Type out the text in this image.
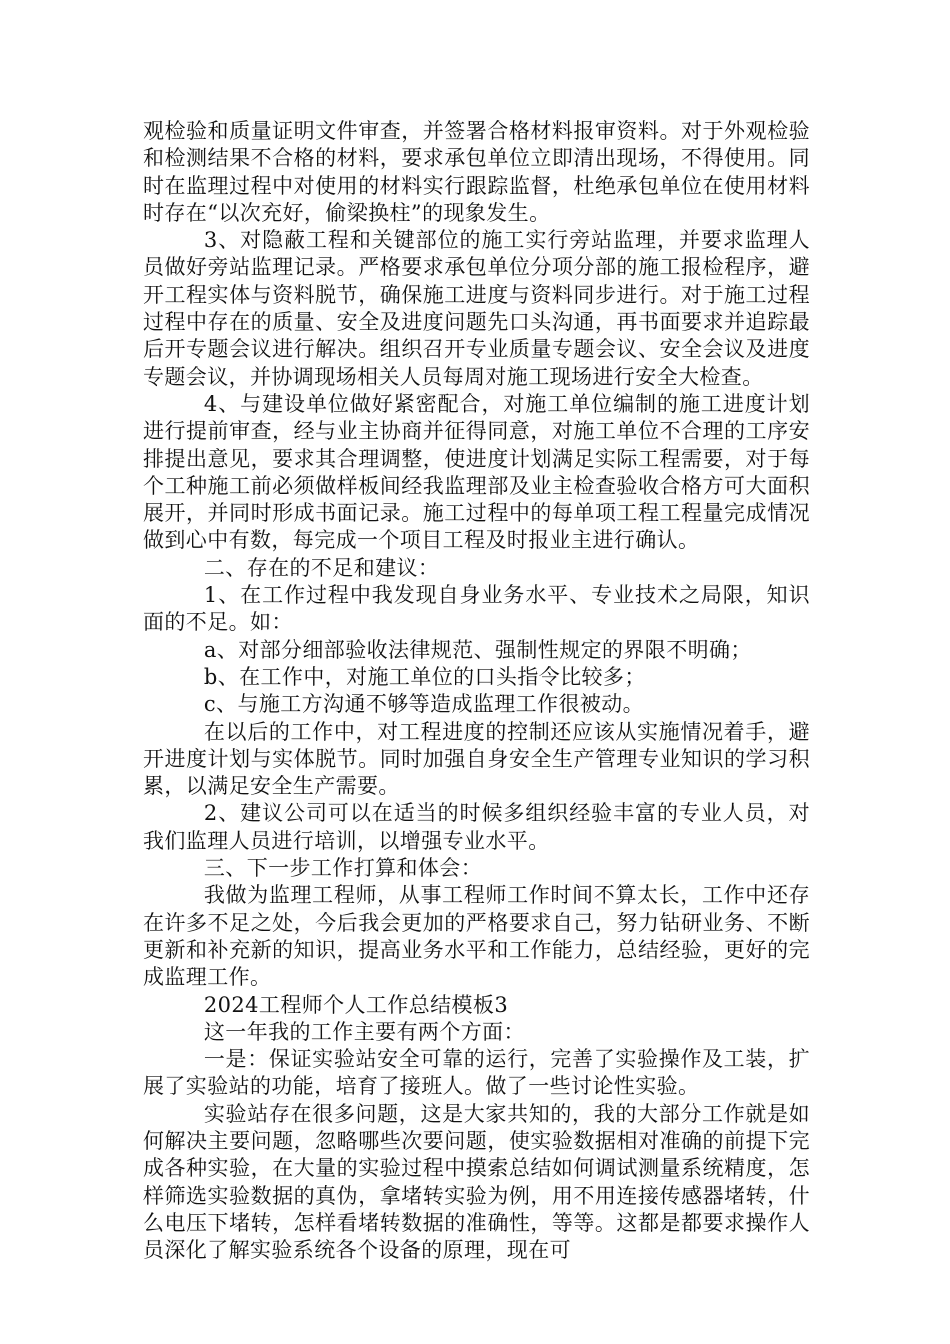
观检验和质量证明文件审查，并签署合格材料报审资料。对于外观检验和检测结果不合格的材料，要求承包单位立即清出现场，不得使用。同时在监理过程中对使用的材料实行跟踪监督，杜绝承包单位在使用材料时存在“以次充好，偷梁换柱”的现象发生。

3、对隐蔽工程和关键部位的施工实行旁站监理，并要求监理人员做好旁站监理记录。严格要求承包单位分项分部的施工报检程序，避开工程实体与资料脱节，确保施工进度与资料同步进行。对于施工过程过程中存在的质量、安全及进度问题先口头沟通，再书面要求并追踪最后开专题会议进行解决。组织召开专业质量专题会议、安全会议及进度专题会议，并协调现场相关人员每周对施工现场进行安全大检查。

4、与建设单位做好紧密配合，对施工单位编制的施工进度计划进行提前审查，经与业主协商并征得同意，对施工单位不合理的工序安排提出意见，要求其合理调整，使进度计划满足实际工程需要，对于每个工种施工前必须做样板间经我监理部及业主检查验收合格方可大面积展开，并同时形成书面记录。施工过程中的每单项工程工程量完成情况做到心中有数，每完成一个项目工程及时报业主进行确认。

二、存在的不足和建议：

1、在工作过程中我发现自身业务水平、专业技术之局限，知识面的不足。如：

a、对部分细部验收法律规范、强制性规定的界限不明确；

b、在工作中，对施工单位的口头指令比较多；

c、与施工方沟通不够等造成监理工作很被动。

在以后的工作中，对工程进度的控制还应该从实施情况着手，避开进度计划与实体脱节。同时加强自身安全生产管理专业知识的学习积累，以满足安全生产需要。

2、建议公司可以在适当的时候多组织经验丰富的专业人员，对我们监理人员进行培训，以增强专业水平。

三、下一步工作打算和体会：

我做为监理工程师，从事工程师工作时间不算太长，工作中还存在许多不足之处，今后我会更加的严格要求自己，努力钻研业务、不断更新和补充新的知识，提高业务水平和工作能力，总结经验，更好的完成监理工作。

2024工程师个人工作总结模板3

这一年我的工作主要有两个方面：

一是：保证实验站安全可靠的运行，完善了实验操作及工装，扩展了实验站的功能，培育了接班人。做了一些讨论性实验。

实验站存在很多问题，这是大家共知的，我的大部分工作就是如何解决主要问题，忽略哪些次要问题，使实验数据相对准确的前提下完成各种实验，在大量的实验过程中摸索总结如何调试测量系统精度，怎样筛选实验数据的真伪，拿堵转实验为例，用不用连接传感器堵转，什么电压下堵转，怎样看堵转数据的准确性，等等。这都是都要求操作人员深化了解实验系统各个设备的原理，现在可
